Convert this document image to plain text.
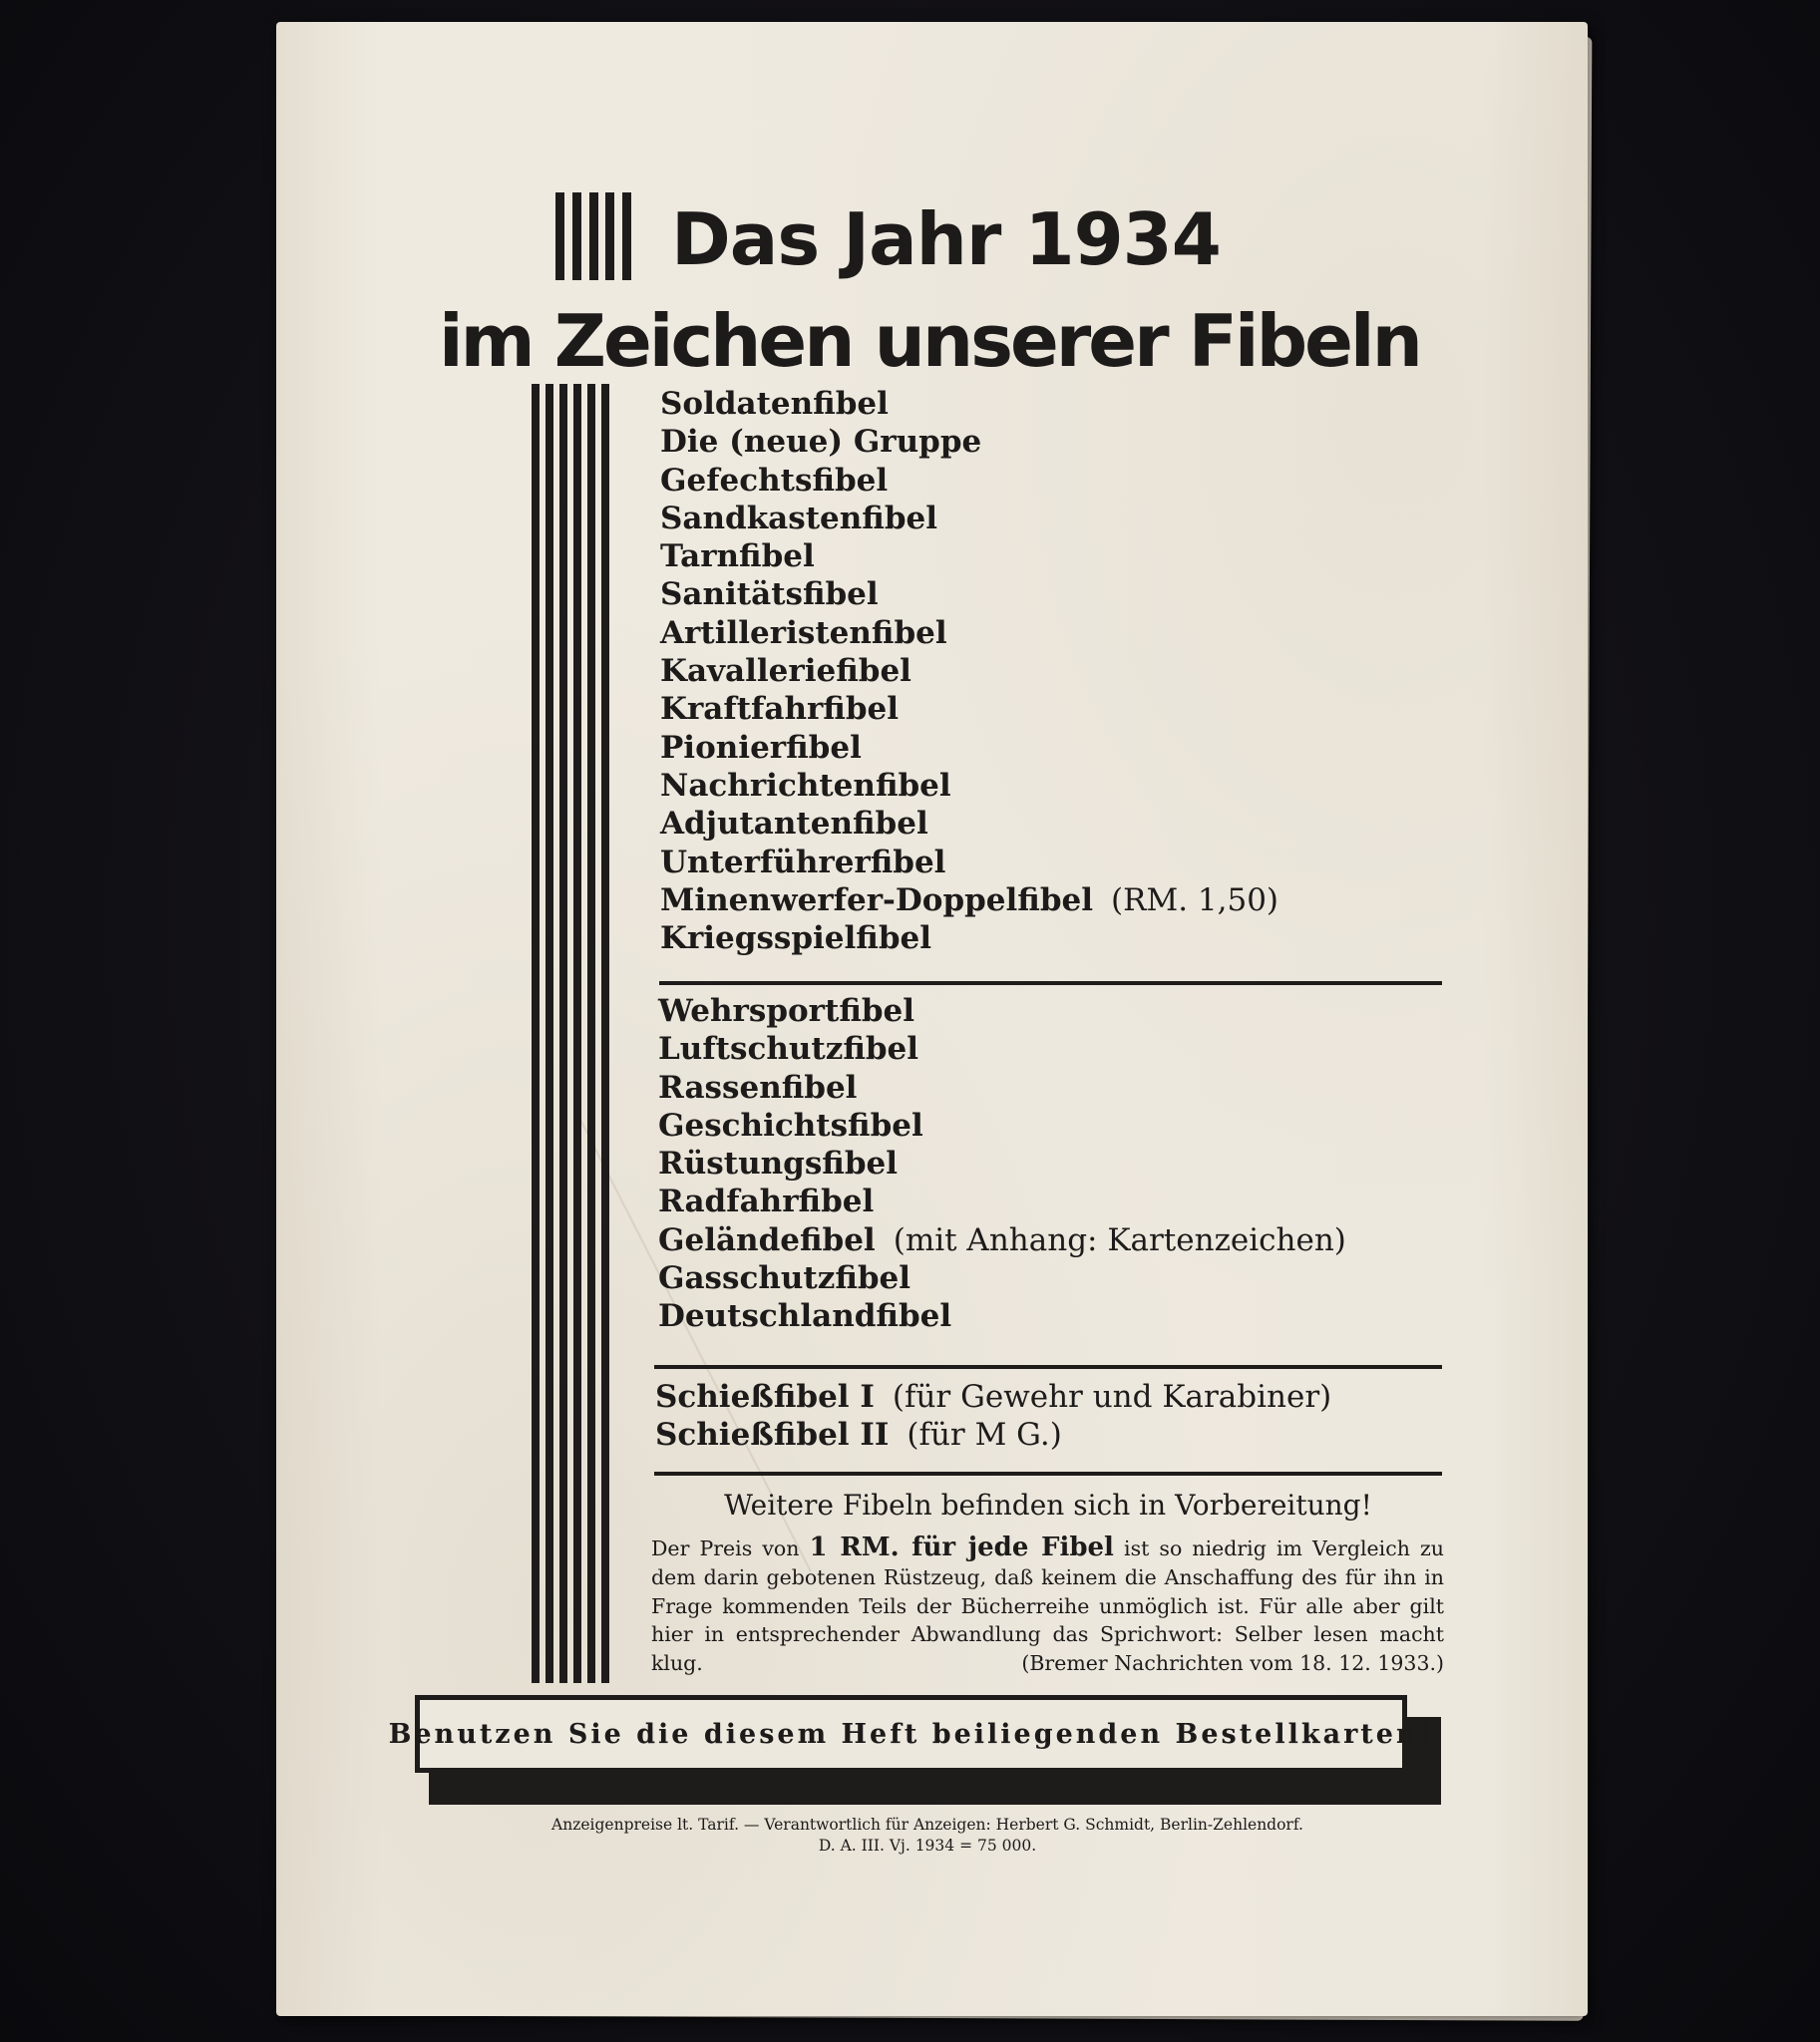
Das Jahr 1934
im Zeichen unserer Fibeln
Soldatenfibel
Die (neue) Gruppe
Gefechtsfibel
Sandkastenfibel
Tarnfibel
Sanitätsfibel
Artilleristenfibel
Kavalleriefibel
Kraftfahrfibel
Pionierfibel
Nachrichtenfibel
Adjutantenfibel
Unterführerfibel
Minenwerfer-Doppelfibel (RM. 1,50)
Kriegsspielfibel
Wehrsportfibel
Luftschutzfibel
Rassenfibel
Geschichtsfibel
Rüstungsfibel
Radfahrfibel
Geländefibel (mit Anhang: Kartenzeichen)
Gasschutzfibel
Deutschlandfibel
Schießfibel I (für Gewehr und Karabiner)
Schießfibel II (für M G.)

Weitere Fibeln befinden sich in Vorbereitung!

Der Preis von 1 RM. für jede Fibel ist so niedrig im Vergleich zu dem darin gebotenen Rüstzeug, daß keinem die Anschaffung des für ihn in Frage kommenden Teils der Bücherreihe unmöglich ist. Für alle aber gilt hier in entsprechender Abwandlung das Sprichwort: Selber lesen macht klug.	(Bremer Nachrichten vom 18. 12. 1933.)

Benutzen Sie die diesem Heft beiliegenden Bestellkarten!

Anzeigenpreise lt. Tarif. — Verantwortlich für Anzeigen: Herbert G. Schmidt, Berlin-Zehlendorf.
D. A. III. Vj. 1934 = 75 000.
